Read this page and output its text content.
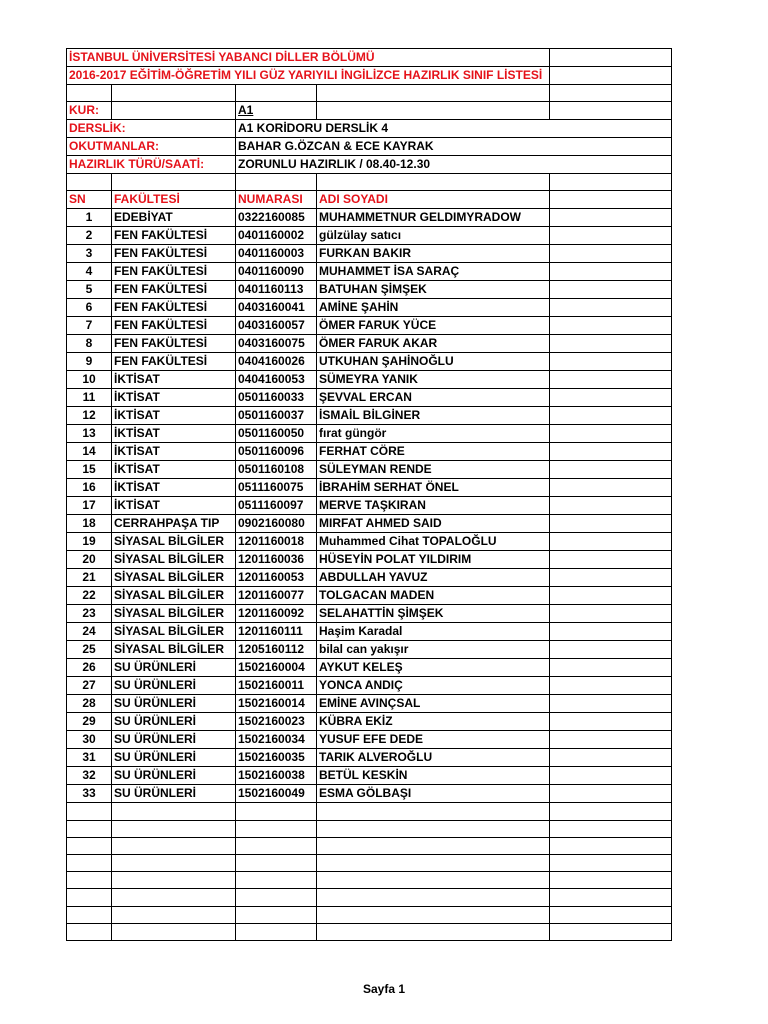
İSTANBUL ÜNİVERSİTESİ YABANCI DİLLER BÖLÜMÜ				
2016-2017 EĞİTİM-ÖĞRETİM YILI GÜZ YARIYILI İNGİLİZCE HAZIRLIK SINIF LİSTESİ				

KUR:		A1		
DERSLİK:		A1 KORİDORU DERSLİK 4		
OKUTMANLAR:		BAHAR G.ÖZCAN & ECE KAYRAK		
HAZIRLIK TÜRÜ/SAATİ:		ZORUNLU HAZIRLIK / 08.40-12.30		

SN	FAKÜLTESİ	NUMARASI	ADI SOYADI	
1	EDEBİYAT	0322160085	MUHAMMETNUR GELDIMYRADOW	
2	FEN FAKÜLTESİ	0401160002	gülzülay satıcı	
3	FEN FAKÜLTESİ	0401160003	FURKAN BAKIR	
4	FEN FAKÜLTESİ	0401160090	MUHAMMET İSA SARAÇ	
5	FEN FAKÜLTESİ	0401160113	BATUHAN ŞİMŞEK	
6	FEN FAKÜLTESİ	0403160041	AMİNE ŞAHİN	
7	FEN FAKÜLTESİ	0403160057	ÖMER FARUK YÜCE	
8	FEN FAKÜLTESİ	0403160075	ÖMER FARUK AKAR	
9	FEN FAKÜLTESİ	0404160026	UTKUHAN ŞAHİNOĞLU	
10	İKTİSAT	0404160053	SÜMEYRA YANIK	
11	İKTİSAT	0501160033	ŞEVVAL ERCAN	
12	İKTİSAT	0501160037	İSMAİL BİLGİNER	
13	İKTİSAT	0501160050	fırat güngör	
14	İKTİSAT	0501160096	FERHAT CÖRE	
15	İKTİSAT	0501160108	SÜLEYMAN RENDE	
16	İKTİSAT	0511160075	İBRAHİM SERHAT ÖNEL	
17	İKTİSAT	0511160097	MERVE TAŞKIRAN	
18	CERRAHPAŞA TIP	0902160080	MIRFAT AHMED SAID	
19	SİYASAL BİLGİLER	1201160018	Muhammed Cihat TOPALOĞLU	
20	SİYASAL BİLGİLER	1201160036	HÜSEYİN POLAT YILDIRIM	
21	SİYASAL BİLGİLER	1201160053	ABDULLAH YAVUZ	
22	SİYASAL BİLGİLER	1201160077	TOLGACAN MADEN	
23	SİYASAL BİLGİLER	1201160092	SELAHATTİN ŞİMŞEK	
24	SİYASAL BİLGİLER	1201160111	Haşim Karadal	
25	SİYASAL BİLGİLER	1205160112	bilal can yakışır	
26	SU ÜRÜNLERİ	1502160004	AYKUT KELEŞ	
27	SU ÜRÜNLERİ	1502160011	YONCA ANDIÇ	
28	SU ÜRÜNLERİ	1502160014	EMİNE AVINÇSAL	
29	SU ÜRÜNLERİ	1502160023	KÜBRA EKİZ	
30	SU ÜRÜNLERİ	1502160034	YUSUF EFE DEDE	
31	SU ÜRÜNLERİ	1502160035	TARIK ALVEROĞLU	
32	SU ÜRÜNLERİ	1502160038	BETÜL KESKİN	
33	SU ÜRÜNLERİ	1502160049	ESMA GÖLBAŞI	

Sayfa 1
